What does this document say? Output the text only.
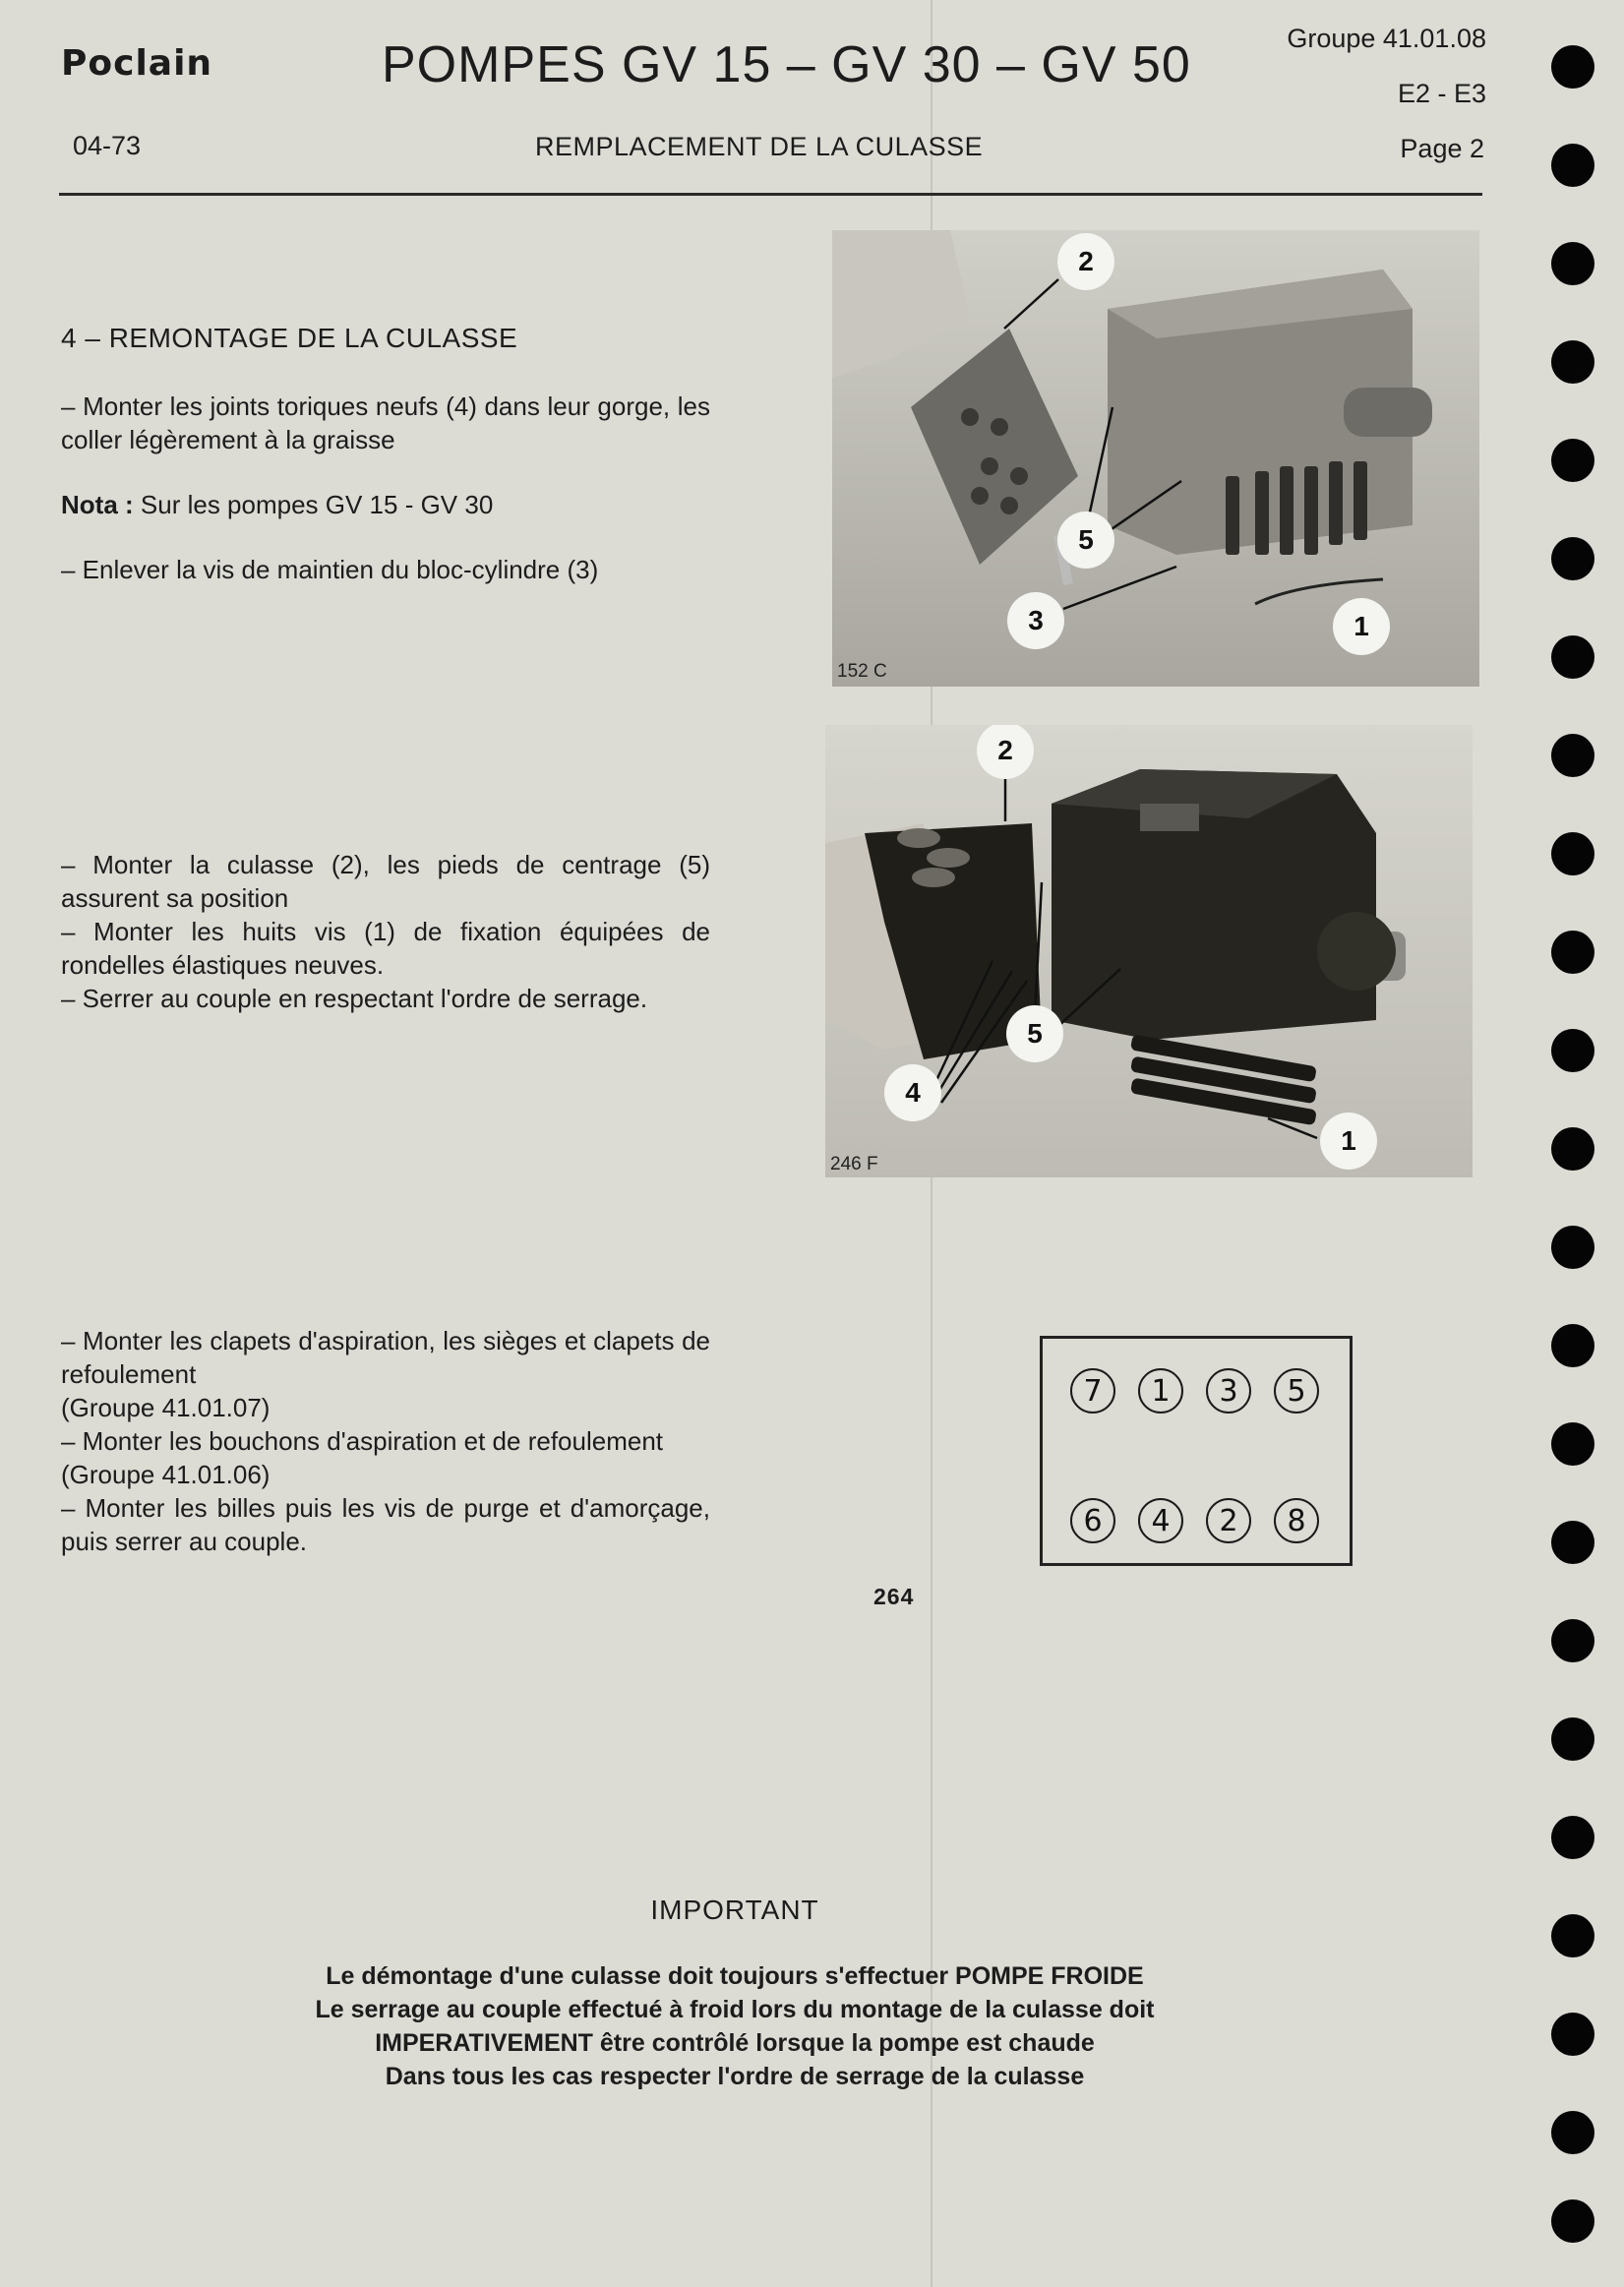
Poclain	POMPES GV 15 – GV 30 – GV 50	Groupe 41.01.08
E2 - E3
Page 2
04-73	REMPLACEMENT DE LA CULASSE
4 – REMONTAGE DE LA CULASSE

– Monter les joints toriques neufs (4) dans leur gorge, les coller légèrement à la graisse

Nota : Sur les pompes GV 15 - GV 30

– Enlever la vis de maintien du bloc-cylindre (3)

– Monter la culasse (2), les pieds de centrage (5) assurent sa position

– Monter les huits vis (1) de fixation équipées de rondelles élastiques neuves.

– Serrer au couple en respectant l'ordre de serrage.

– Monter les clapets d'aspiration, les sièges et clapets de refoulement

(Groupe 41.01.07)

– Monter les bouchons d'aspiration et de refoulement

(Groupe 41.01.06)

– Monter les billes puis les vis de purge et d'amorçage, puis serrer au couple.

2
5
3	1
152 C
2
5
4
1
246 F
7	1	3	5
6	4	2	8
264
IMPORTANT
Le démontage d'une culasse doit toujours s'effectuer POMPE FROIDE
Le serrage au couple effectué à froid lors du montage de la culasse doit
IMPERATIVEMENT être contrôlé lorsque la pompe est chaude
Dans tous les cas respecter l'ordre de serrage de la culasse
